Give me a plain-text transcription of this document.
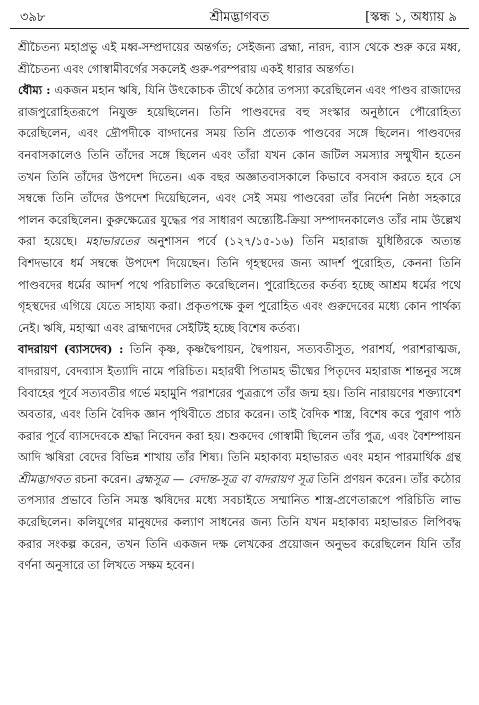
৩৯৮	শ্রীমদ্ভাগবত	[স্কন্ধ ১, অধ্যায় ৯

শ্রীচৈতন্য মহাপ্রভু এই মধ্ব-সম্প্রদায়ের অন্তর্গত; সেইজন্য ব্রহ্মা, নারদ, ব্যাস থেকে শুরু করে মধ্ব, শ্রীচৈতন্য এবং গোস্বামীবর্গের সকলেই গুরু-পরম্পরায় একই ধারার অন্তর্গত।

ধৌম্য : একজন মহান ঋষি, যিনি উৎকোচক তীর্থে কঠোর তপস্যা করেছিলেন এবং পাণ্ডব রাজাদের রাজপুরোহিতরূপে নিযুক্ত হয়েছিলেন। তিনি পাণ্ডবদের বহু সংস্কার অনুষ্ঠানে পৌরোহিত্য করেছিলেন, এবং দ্রৌপদীকে বাগ্দানের সময় তিনি প্রত্যেক পাণ্ডবের সঙ্গে ছিলেন। পাণ্ডবদের বনবাসকালেও তিনি তাঁদের সঙ্গে ছিলেন এবং তাঁরা যখন কোন জটিল সমস্যার সম্মুখীন হতেন তখন তিনি তাঁদের উপদেশ দিতেন। এক বছর অজ্ঞাতবাসকালে কিভাবে বসবাস করতে হবে সে সম্বন্ধে তিনি তাঁদের উপদেশ দিয়েছিলেন, এবং সেই সময় পাণ্ডবেরা তাঁর নির্দেশ নিষ্ঠা সহকারে পালন করেছিলেন। কুরুক্ষেত্রের যুদ্ধের পর সাধারণ অন্ত্যেষ্টি-ক্রিয়া সম্পাদনকালেও তাঁর নাম উল্লেখ করা হয়েছে। মহাভারতের অনুশাসন পর্বে (১২৭/১৫-১৬) তিনি মহারাজ যুধিষ্ঠিরকে অত্যন্ত বিশদভাবে ধর্ম সম্বন্ধে উপদেশ দিয়েছেন। তিনি গৃহস্থদের জন্য আদর্শ পুরোহিত, কেননা তিনি পাণ্ডবদের ধর্মের আদর্শ পথে পরিচালিত করেছিলেন। পুরোহিতের কর্তব্য হচ্ছে আশ্রম ধর্মের পথে গৃহস্থদের এগিয়ে যেতে সাহায্য করা। প্রকৃতপক্ষে কুল পুরোহিত এবং গুরুদেবের মধ্যে কোন পার্থক্য নেই। ঋষি, মহাত্মা এবং ব্রাহ্মণদের সেইটিই হচ্ছে বিশেষ কর্তব্য।

বাদরায়ণ (ব্যাসদেব) : তিনি কৃষ্ণ, কৃষ্ণদ্বৈপায়ন, দ্বৈপায়ন, সত্যবতীসুত, পরাশর্য, পরাশরাত্মজ, বাদরায়ণ, বেদব্যাস ইত্যাদি নামে পরিচিত। মহারথী পিতামহ ভীষ্মের পিতৃদেব মহারাজ শান্তনুর সঙ্গে বিবাহের পূর্বে সত্যবতীর গর্ভে মহামুনি পরাশরের পুত্ররূপে তাঁর জন্ম হয়। তিনি নারায়ণের শক্ত্যাবেশ অবতার, এবং তিনি বৈদিক জ্ঞান পৃথিবীতে প্রচার করেন। তাই বৈদিক শাস্ত্র, বিশেষ করে পুরাণ পাঠ করার পূর্বে ব্যাসদেবকে শ্রদ্ধা নিবেদন করা হয়। শুকদেব গোস্বামী ছিলেন তাঁর পুত্র, এবং বৈশম্পায়ন আদি ঋষিরা বেদের বিভিন্ন শাখায় তাঁর শিষ্য। তিনি মহাকাব্য মহাভারত এবং মহান পারমার্থিক গ্রন্থ শ্রীমদ্ভাগবত রচনা করেন। ব্রহ্মসূত্র — বেদান্ত-সূত্র বা বাদরায়ণ সূত্র তিনি প্রণয়ন করেন। তাঁর কঠোর তপস্যার প্রভাবে তিনি সমস্ত ঋষিদের মধ্যে সবচাইতে সম্মানিত শাস্ত্র-প্রণেতারূপে পরিচিতি লাভ করেছিলেন। কলিযুগের মানুষদের কল্যাণ সাধনের জন্য তিনি যখন মহাকাব্য মহাভারত লিপিবদ্ধ করার সংকল্প করেন, তখন তিনি একজন দক্ষ লেখকের প্রয়োজন অনুভব করেছিলেন যিনি তাঁর বর্ণনা অনুসারে তা লিখতে সক্ষম হবেন।
